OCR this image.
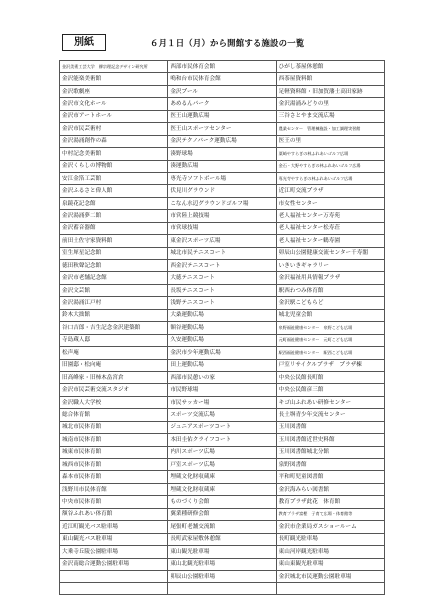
別紙	６月１日（月）から開館する施設の一覧
金沢美術工芸大学　柳宗理記念デザイン研究所	西部市民体育会館	ひがし茶屋休憩館
金沢能楽美術館	鳴和台市民体育会館	西茶屋資料館
金沢歌劇座	金沢プール	足軽資料館・旧加賀藩士高田家跡
金沢市文化ホール	あめるんパーク	金沢湯涌みどりの里
金沢市アートホール	医王山運動広場	三谷さとやま交流広場
金沢市民芸術村	医王山スポーツセンター	農業センター　管理棟施設・加工調理実習館
金沢湯涌創作の森	金沢テクノパーク運動広場	医王の里
中村記念美術館	湊野球場	粟崎やすらぎの林ふれあいゴルフ広場
金沢くらしの博物館	湊運動広場	金石・大野やすらぎの林ふれあいゴルフ広場
安江金箔工芸館	専光寺ソフトボール場	専光寺やすらぎの林ふれあいゴルフ広場
金沢ふるさと偉人館	伏見川グラウンド	近江町交流プラザ
泉鏡花記念館	こなん水辺グラウンドゴルフ場	市女性センター
金沢湯涌夢二館	市営陸上競技場	老人福祉センター万寿苑
金沢蓄音器館	市営球技場	老人福祉センター松寿荘
前田土佐守家資料館	東金沢スポーツ広場	老人福祉センター鶴寿園
室生犀星記念館	城北市民テニスコート	卯辰山公園健康交流センター千寿閣
徳田秋聲記念館	西金沢テニスコート	いきいきギャラリー
金沢市老舗記念館	大徳テニスコート	金沢福祉用具情報プラザ
金沢文芸館	長坂テニスコート	駅西わつみ体育館
金沢湯涌江戸村	浅野テニスコート	金沢駅こどもらど
鈴木大拙館	大桑運動広場	城北児童会館
谷口吉郎・吉生記念金沢建築館	額谷運動広場	泉野福祉健康センター　泉野こども広場
寺島蔵人邸	久安運動広場	元町福祉健康センター　元町こども広場
松声庵	金沢市少年運動広場	駅西福祉健康センター　駅西こども広場
旧園邸・松向庵	田上運動広場	戸室リサイクルプラザ　プラザ棟
旧高峰家・旧柿木畠宮倉	西部市民憩いの家	中央公民館長町館
金沢市民芸術交流スタジオ	市民野球場	中央公民館彦三館
金沢職人大学校	市民サッカー場	キゴ山ふれあい研修センター
総合体育館	スポーツ交流広場	長土塀青少年交流センター
城北市民体育館	ジュニアスポーツコート	玉川図書館
城南市民体育館	本田圭佑クライフコート	玉川図書館近世史料館
城東市民体育館	内川スポーツ広場	玉川図書館城北分館
城西市民体育館	戸室スポーツ広場	泉野図書館
森本市民体育館	埋蔵文化財収蔵庫	平和町児童図書館
浅野川市民体育館	埋蔵文化財収蔵庫	金沢海みらい図書館
中央市民体育館	ものづくり会館	教育プラザ此花　体育館
額谷ふれあい体育館	翼業種研修会館	教育プラザ富樫　子育て広場・体育館等
近江町観光バス駐車場	尾張町老舗交流館	金沢市企業局ガスショールーム
東山観光バス駐車場	長町武家屋敷休憩館	長町観光駐車場
大乗寺丘陵公園駐車場	東山観光駐車場	東山河岸観光駐車場
金沢南総合運動公園駐車場	東山北観光駐車場	東山東観光駐車場
	卯辰山公園駐車場	金沢城北市民運動公園駐車場
